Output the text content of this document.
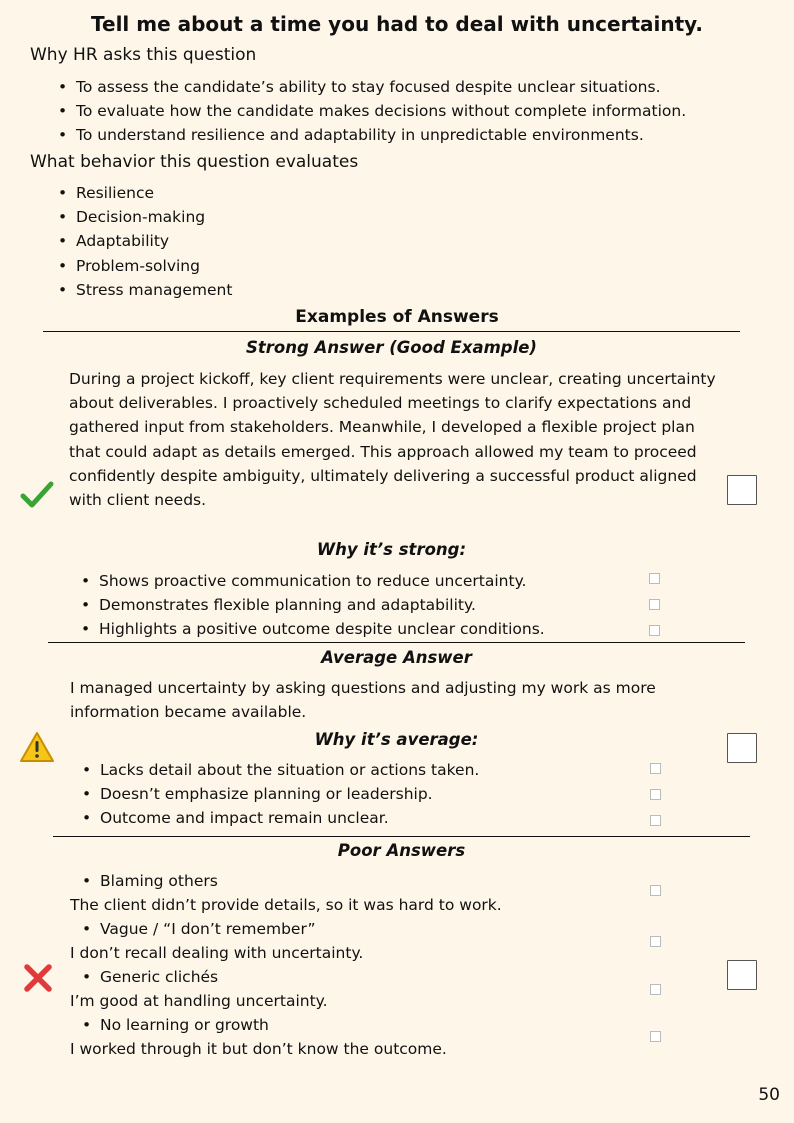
Tell me about a time you had to deal with uncertainty.
Why HR asks this question
• To assess the candidate’s ability to stay focused despite unclear situations.
• To evaluate how the candidate makes decisions without complete information.
• To understand resilience and adaptability in unpredictable environments.
What behavior this question evaluates
• Resilience
• Decision-making
• Adaptability
• Problem-solving
• Stress management
Examples of Answers
Strong Answer (Good Example)
During a project kickoff, key client requirements were unclear, creating uncertainty about deliverables. I proactively scheduled meetings to clarify expectations and gathered input from stakeholders. Meanwhile, I developed a flexible project plan that could adapt as details emerged. This approach allowed my team to proceed confidently despite ambiguity, ultimately delivering a successful product aligned with client needs.
Why it’s strong:
• Shows proactive communication to reduce uncertainty.
• Demonstrates flexible planning and adaptability.
• Highlights a positive outcome despite unclear conditions.
Average Answer
I managed uncertainty by asking questions and adjusting my work as more information became available.
Why it’s average:
• Lacks detail about the situation or actions taken.
• Doesn’t emphasize planning or leadership.
• Outcome and impact remain unclear.
Poor Answers
• Blaming others
The client didn’t provide details, so it was hard to work.
• Vague / “I don’t remember”
I don’t recall dealing with uncertainty.
• Generic clichés
I’m good at handling uncertainty.
• No learning or growth
I worked through it but don’t know the outcome.
50
